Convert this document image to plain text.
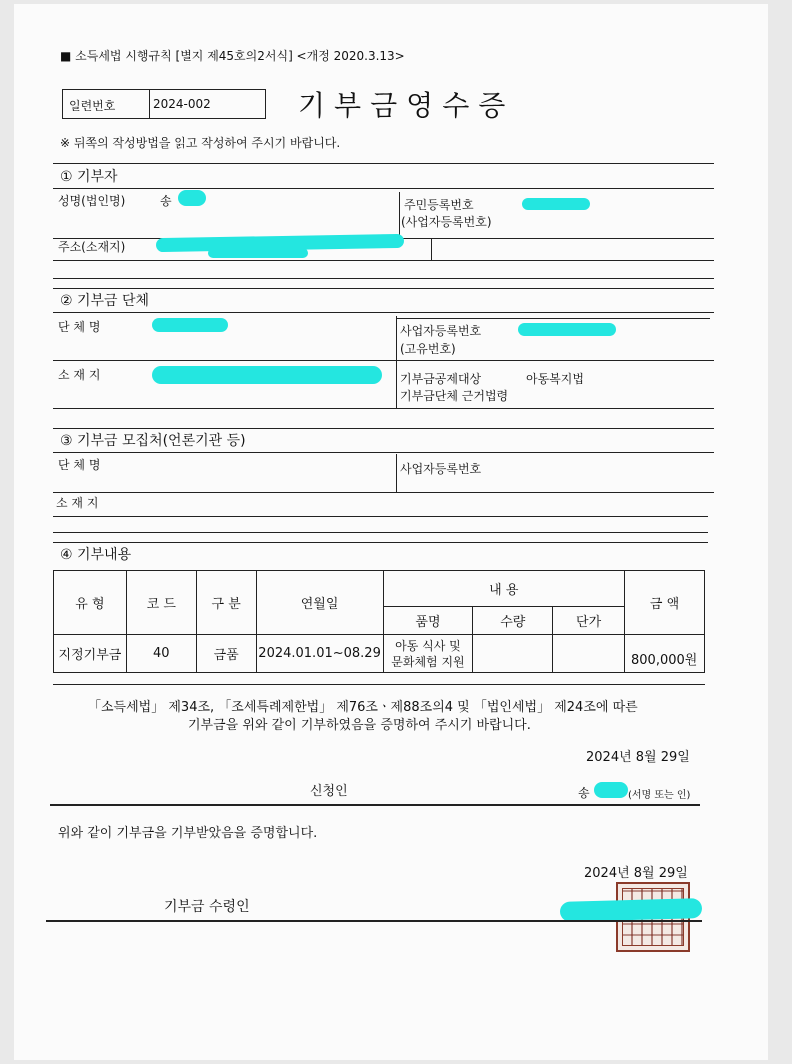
■ 소득세법 시행규칙 [별지 제45호의2서식] <개정 2020.3.13>
일련번호	2024-002	기부금영수증
※ 뒤쪽의 작성방법을 읽고 작성하여 주시기 바랍니다.
① 기부자
성명(법인명)	송	주민등록번호
(사업자등록번호)
주소(소재지)
② 기부금 단체
단 체 명	사업자등록번호
(고유번호)
소 재 지	기부금공제대상	아동복지법
기부금단체 근거법령
③ 기부금 모집처(언론기관 등)
단 체 명	사업자등록번호
소 재 지
④ 기부내용
유 형	코 드	구 분	연월일	내 용			금 액
				품명	수량	단가	
지정기부금	40	금품	2024.01.01~08.29	아동 식사 및
문화체험 지원			800,000원
「소득세법」 제34조, 「조세특례제한법」 제76조ㆍ제88조의4 및 「법인세법」 제24조에 따른
기부금을 위와 같이 기부하였음을 증명하여 주시기 바랍니다.
2024년 8월 29일
신청인	송	(서명 또는 인)
위와 같이 기부금을 기부받았음을 증명합니다.
2024년 8월 29일
기부금 수령인
